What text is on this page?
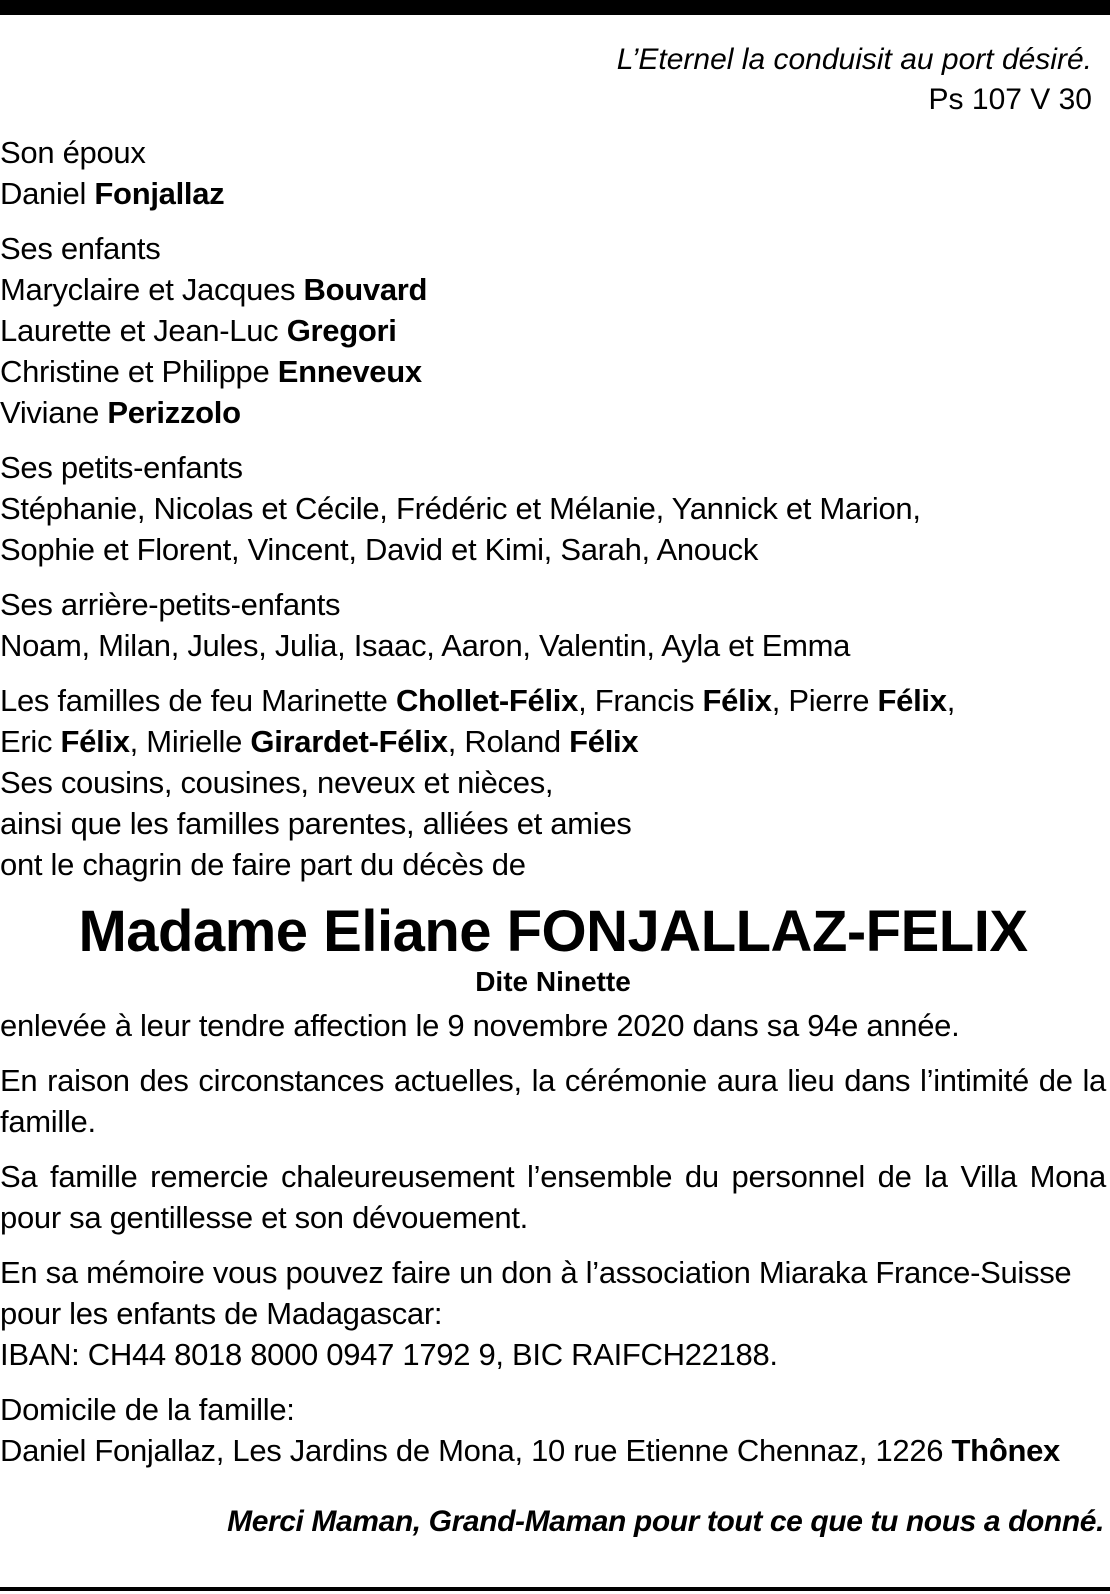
L’Eternel la conduisit au port désiré.
Ps 107 V 30
Son époux
Daniel Fonjallaz
Ses enfants
Maryclaire et Jacques Bouvard
Laurette et Jean-Luc Gregori
Christine et Philippe Enneveux
Viviane Perizzolo
Ses petits-enfants
Stéphanie, Nicolas et Cécile, Frédéric et Mélanie, Yannick et Marion,
Sophie et Florent, Vincent, David et Kimi, Sarah, Anouck
Ses arrière-petits-enfants
Noam, Milan, Jules, Julia, Isaac, Aaron, Valentin, Ayla et Emma
Les familles de feu Marinette Chollet-Félix, Francis Félix, Pierre Félix,
Eric Félix, Mirielle Girardet-Félix, Roland Félix
Ses cousins, cousines, neveux et nièces,
ainsi que les familles parentes, alliées et amies
ont le chagrin de faire part du décès de
Madame Eliane FONJALLAZ-FELIX
Dite Ninette
enlevée à leur tendre affection le 9 novembre 2020 dans sa 94e année.
En raison des circonstances actuelles, la cérémonie aura lieu dans l’intimité de la famille.
Sa famille remercie chaleureusement l’ensemble du personnel de la Villa Mona pour sa gentillesse et son dévouement.
En sa mémoire vous pouvez faire un don à l’association Miaraka France-Suisse
pour les enfants de Madagascar:
IBAN: CH44 8018 8000 0947 1792 9, BIC RAIFCH22188.
Domicile de la famille:
Daniel Fonjallaz, Les Jardins de Mona, 10 rue Etienne Chennaz, 1226 Thônex
Merci Maman, Grand-Maman pour tout ce que tu nous a donné.
